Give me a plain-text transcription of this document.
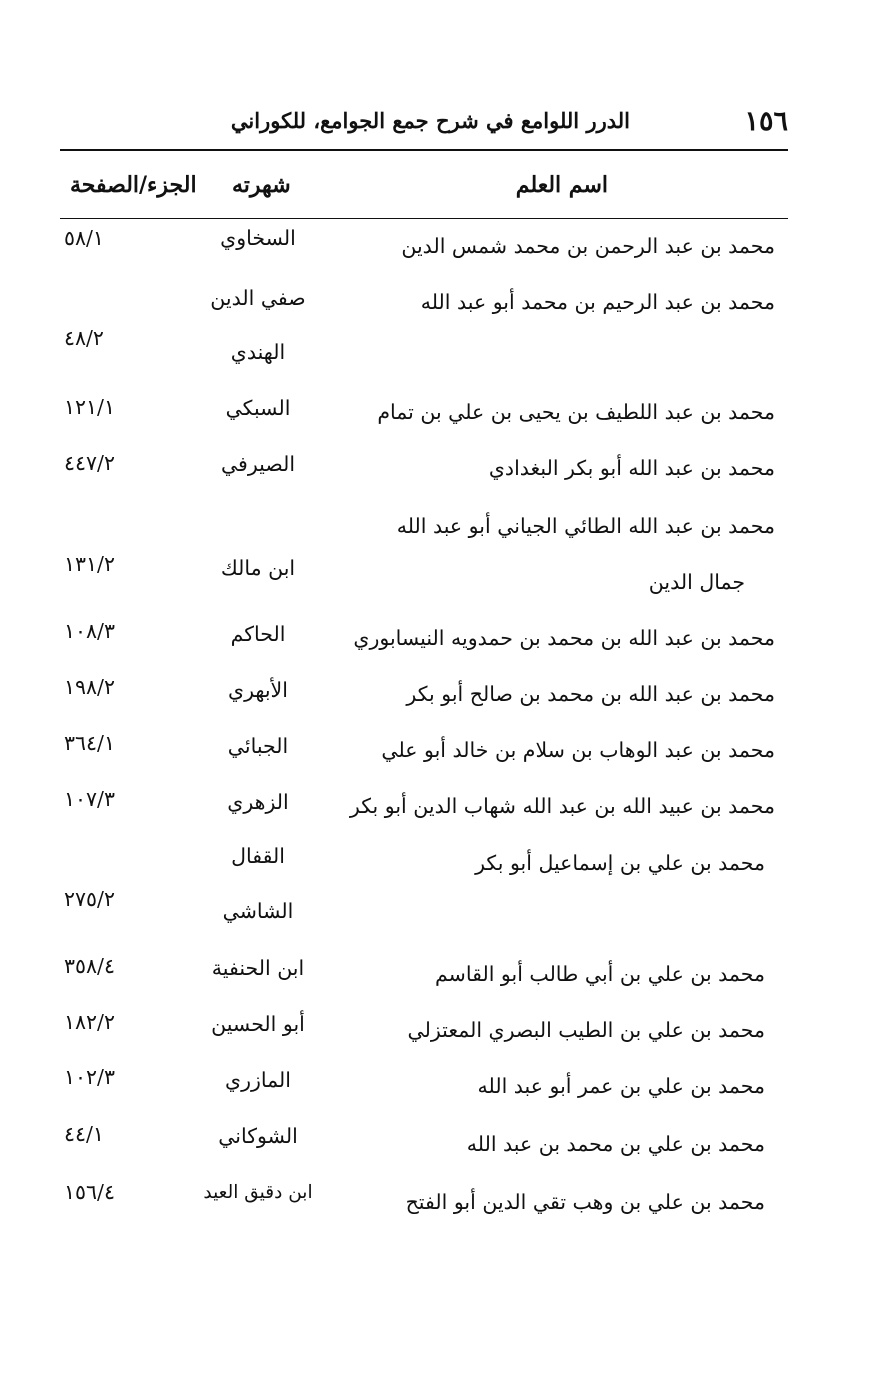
١٥٦
الدرر اللوامع في شرح جمع الجوامع، للكوراني
اسم العلم
شهرته
الجزء/الصفحة
محمد بن عبد الرحمن بن محمد شمس الدين
السخاوي
٥٨/١
محمد بن عبد الرحيم بن محمد أبو عبد الله
صفي الدين
الهندي
٤٨/٢
محمد بن عبد اللطيف بن يحيى بن علي بن تمام
السبكي
١٢١/١
محمد بن عبد الله أبو بكر البغدادي
الصيرفي
٤٤٧/٢
محمد بن عبد الله الطائي الجياني أبو عبد الله
جمال الدين
ابن مالك
١٣١/٢
محمد بن عبد الله بن محمد بن حمدويه النيسابوري
الحاكم
١٠٨/٣
محمد بن عبد الله بن محمد بن صالح أبو بكر
الأبهري
١٩٨/٢
محمد بن عبد الوهاب بن سلام بن خالد أبو علي
الجبائي
٣٦٤/١
محمد بن عبيد الله بن عبد الله شهاب الدين أبو بكر
الزهري
١٠٧/٣
محمد بن علي بن إسماعيل أبو بكر
القفال
الشاشي
٢٧٥/٢
محمد بن علي بن أبي طالب أبو القاسم
ابن الحنفية
٣٥٨/٤
محمد بن علي بن الطيب البصري المعتزلي
أبو الحسين
١٨٢/٢
محمد بن علي بن عمر أبو عبد الله
المازري
١٠٢/٣
محمد بن علي بن محمد بن عبد الله
الشوكاني
٤٤/١
محمد بن علي بن وهب تقي الدين أبو الفتح
ابن دقيق العيد
١٥٦/٤
